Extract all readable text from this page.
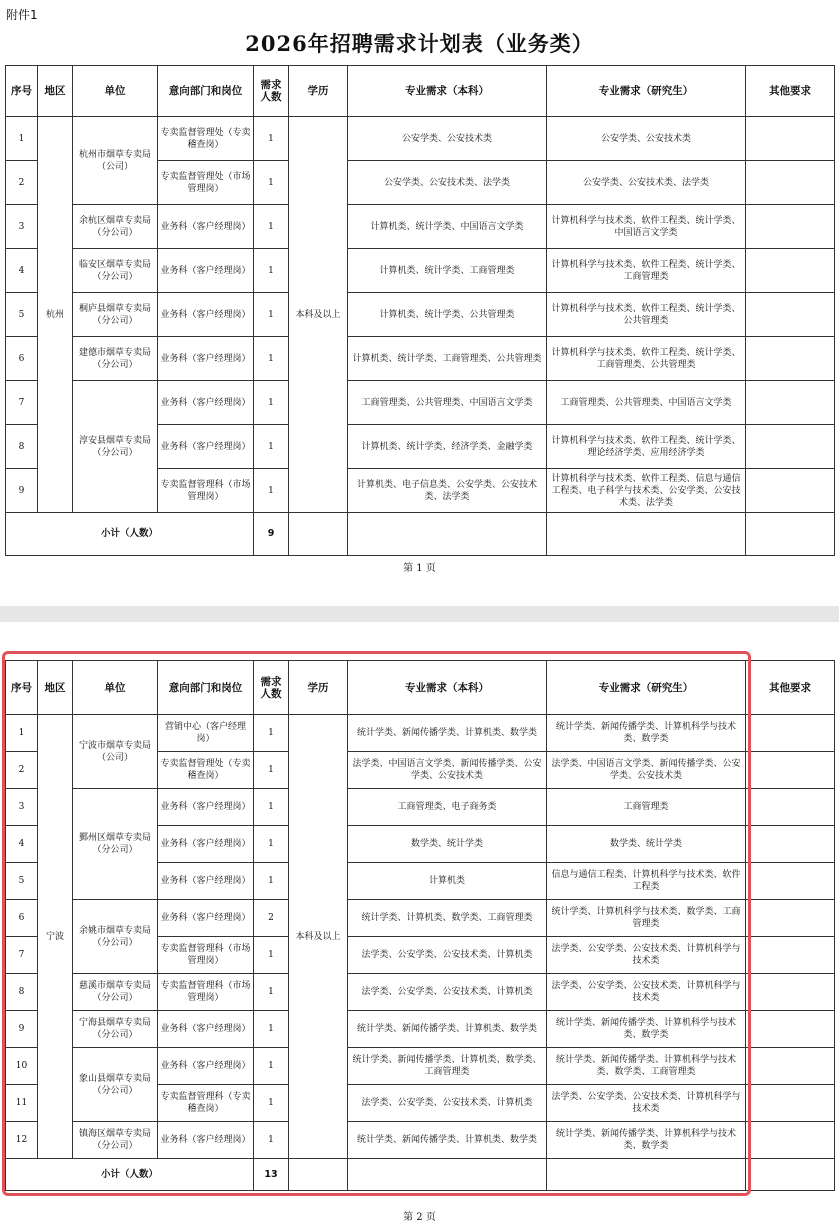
附件1
2026年招聘需求计划表（业务类）
序号	地区	单位	意向部门和岗位	需求
人数	学历	专业需求（本科）	专业需求（研究生）	其他要求
1	杭州	杭州市烟草专卖局（公司）	专卖监督管理处（专卖稽查岗）	1	本科及以上	公安学类、公安技术类	公安学类、公安技术类	
2			专卖监督管理处（市场管理岗）	1		公安学类、公安技术类、法学类	公安学类、公安技术类、法学类	
3		余杭区烟草专卖局（分公司）	业务科（客户经理岗）	1		计算机类、统计学类、中国语言文学类	计算机科学与技术类、软件工程类、统计学类、中国语言文学类	
4		临安区烟草专卖局（分公司）	业务科（客户经理岗）	1		计算机类、统计学类、工商管理类	计算机科学与技术类、软件工程类、统计学类、工商管理类	
5		桐庐县烟草专卖局（分公司）	业务科（客户经理岗）	1		计算机类、统计学类、公共管理类	计算机科学与技术类、软件工程类、统计学类、公共管理类	
6		建德市烟草专卖局（分公司）	业务科（客户经理岗）	1		计算机类、统计学类、工商管理类、公共管理类	计算机科学与技术类、软件工程类、统计学类、工商管理类、公共管理类	
7		淳安县烟草专卖局（分公司）	业务科（客户经理岗）	1		工商管理类、公共管理类、中国语言文学类	工商管理类、公共管理类、中国语言文学类	
8			业务科（客户经理岗）	1		计算机类、统计学类、经济学类、金融学类	计算机科学与技术类、软件工程类、统计学类、理论经济学类、应用经济学类	
9			专卖监督管理科（市场管理岗）	1		计算机类、电子信息类、公安学类、公安技术类、法学类	计算机科学与技术类、软件工程类、信息与通信工程类、电子科学与技术类、公安学类、公安技术类、法学类	
小计（人数）				9				
第 1 页
序号	地区	单位	意向部门和岗位	需求
人数	学历	专业需求（本科）	专业需求（研究生）	其他要求
1	宁波	宁波市烟草专卖局（公司）	营销中心（客户经理岗）	1	本科及以上	统计学类、新闻传播学类、计算机类、数学类	统计学类、新闻传播学类、计算机科学与技术类、数学类	
2			专卖监督管理处（专卖稽查岗）	1		法学类、中国语言文学类、新闻传播学类、公安学类、公安技术类	法学类、中国语言文学类、新闻传播学类、公安学类、公安技术类	
3		鄞州区烟草专卖局（分公司）	业务科（客户经理岗）	1		工商管理类、电子商务类	工商管理类	
4			业务科（客户经理岗）	1		数学类、统计学类	数学类、统计学类	
5			业务科（客户经理岗）	1		计算机类	信息与通信工程类、计算机科学与技术类、软件工程类	
6		余姚市烟草专卖局（分公司）	业务科（客户经理岗）	2		统计学类、计算机类、数学类、工商管理类	统计学类、计算机科学与技术类、数学类、工商管理类	
7			专卖监督管理科（市场管理岗）	1		法学类、公安学类、公安技术类、计算机类	法学类、公安学类、公安技术类、计算机科学与技术类	
8		慈溪市烟草专卖局（分公司）	专卖监督管理科（市场管理岗）	1		法学类、公安学类、公安技术类、计算机类	法学类、公安学类、公安技术类、计算机科学与技术类	
9		宁海县烟草专卖局（分公司）	业务科（客户经理岗）	1		统计学类、新闻传播学类、计算机类、数学类	统计学类、新闻传播学类、计算机科学与技术类、数学类	
10		象山县烟草专卖局（分公司）	业务科（客户经理岗）	1		统计学类、新闻传播学类、计算机类、数学类、工商管理类	统计学类、新闻传播学类、计算机科学与技术类、数学类、工商管理类	
11			专卖监督管理科（专卖稽查岗）	1		法学类、公安学类、公安技术类、计算机类	法学类、公安学类、公安技术类、计算机科学与技术类	
12		镇海区烟草专卖局（分公司）	业务科（客户经理岗）	1		统计学类、新闻传播学类、计算机类、数学类	统计学类、新闻传播学类、计算机科学与技术类、数学类	
小计（人数）				13				
第 2 页
